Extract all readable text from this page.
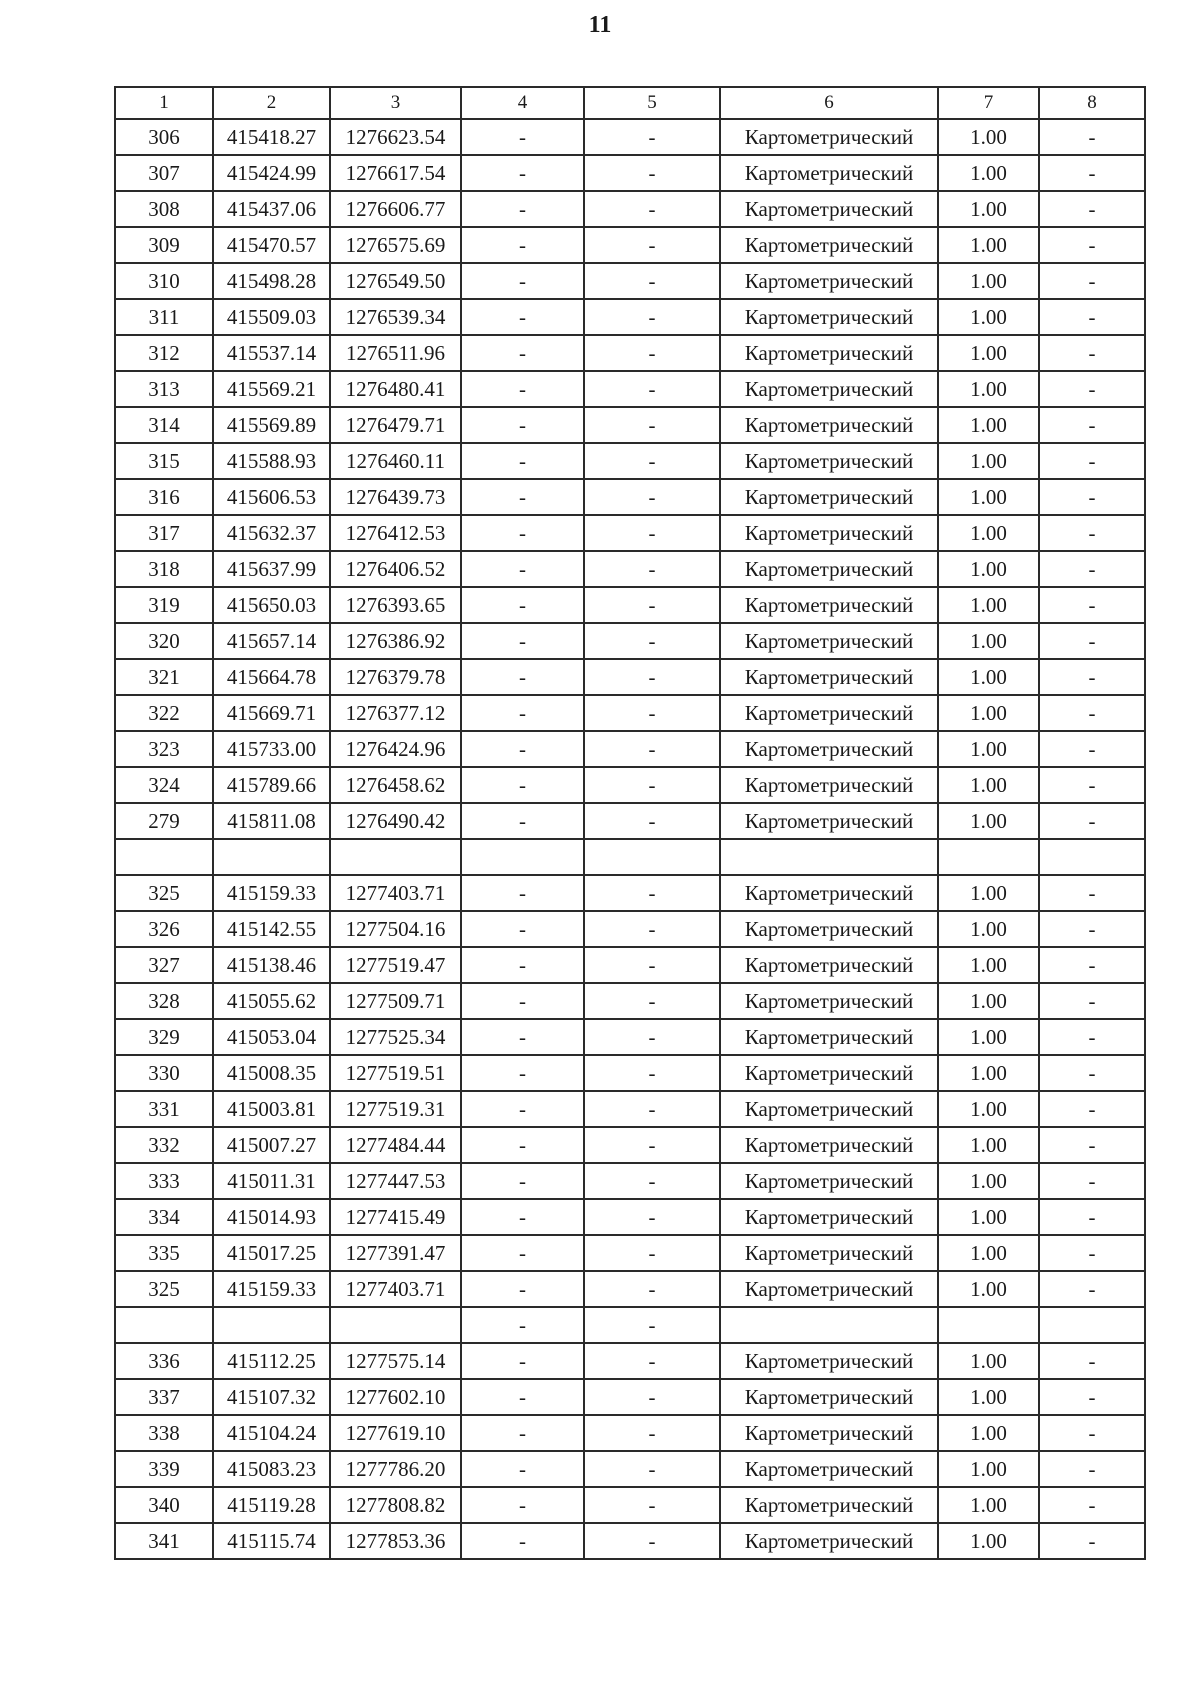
11
1	2	3	4	5	6	7	8
306	415418.27	1276623.54	-	-	Картометрический	1.00	-
307	415424.99	1276617.54	-	-	Картометрический	1.00	-
308	415437.06	1276606.77	-	-	Картометрический	1.00	-
309	415470.57	1276575.69	-	-	Картометрический	1.00	-
310	415498.28	1276549.50	-	-	Картометрический	1.00	-
311	415509.03	1276539.34	-	-	Картометрический	1.00	-
312	415537.14	1276511.96	-	-	Картометрический	1.00	-
313	415569.21	1276480.41	-	-	Картометрический	1.00	-
314	415569.89	1276479.71	-	-	Картометрический	1.00	-
315	415588.93	1276460.11	-	-	Картометрический	1.00	-
316	415606.53	1276439.73	-	-	Картометрический	1.00	-
317	415632.37	1276412.53	-	-	Картометрический	1.00	-
318	415637.99	1276406.52	-	-	Картометрический	1.00	-
319	415650.03	1276393.65	-	-	Картометрический	1.00	-
320	415657.14	1276386.92	-	-	Картометрический	1.00	-
321	415664.78	1276379.78	-	-	Картометрический	1.00	-
322	415669.71	1276377.12	-	-	Картометрический	1.00	-
323	415733.00	1276424.96	-	-	Картометрический	1.00	-
324	415789.66	1276458.62	-	-	Картометрический	1.00	-
279	415811.08	1276490.42	-	-	Картометрический	1.00	-

325	415159.33	1277403.71	-	-	Картометрический	1.00	-
326	415142.55	1277504.16	-	-	Картометрический	1.00	-
327	415138.46	1277519.47	-	-	Картометрический	1.00	-
328	415055.62	1277509.71	-	-	Картометрический	1.00	-
329	415053.04	1277525.34	-	-	Картометрический	1.00	-
330	415008.35	1277519.51	-	-	Картометрический	1.00	-
331	415003.81	1277519.31	-	-	Картометрический	1.00	-
332	415007.27	1277484.44	-	-	Картометрический	1.00	-
333	415011.31	1277447.53	-	-	Картометрический	1.00	-
334	415014.93	1277415.49	-	-	Картометрический	1.00	-
335	415017.25	1277391.47	-	-	Картометрический	1.00	-
325	415159.33	1277403.71	-	-	Картометрический	1.00	-
			-	-			
336	415112.25	1277575.14	-	-	Картометрический	1.00	-
337	415107.32	1277602.10	-	-	Картометрический	1.00	-
338	415104.24	1277619.10	-	-	Картометрический	1.00	-
339	415083.23	1277786.20	-	-	Картометрический	1.00	-
340	415119.28	1277808.82	-	-	Картометрический	1.00	-
341	415115.74	1277853.36	-	-	Картометрический	1.00	-
